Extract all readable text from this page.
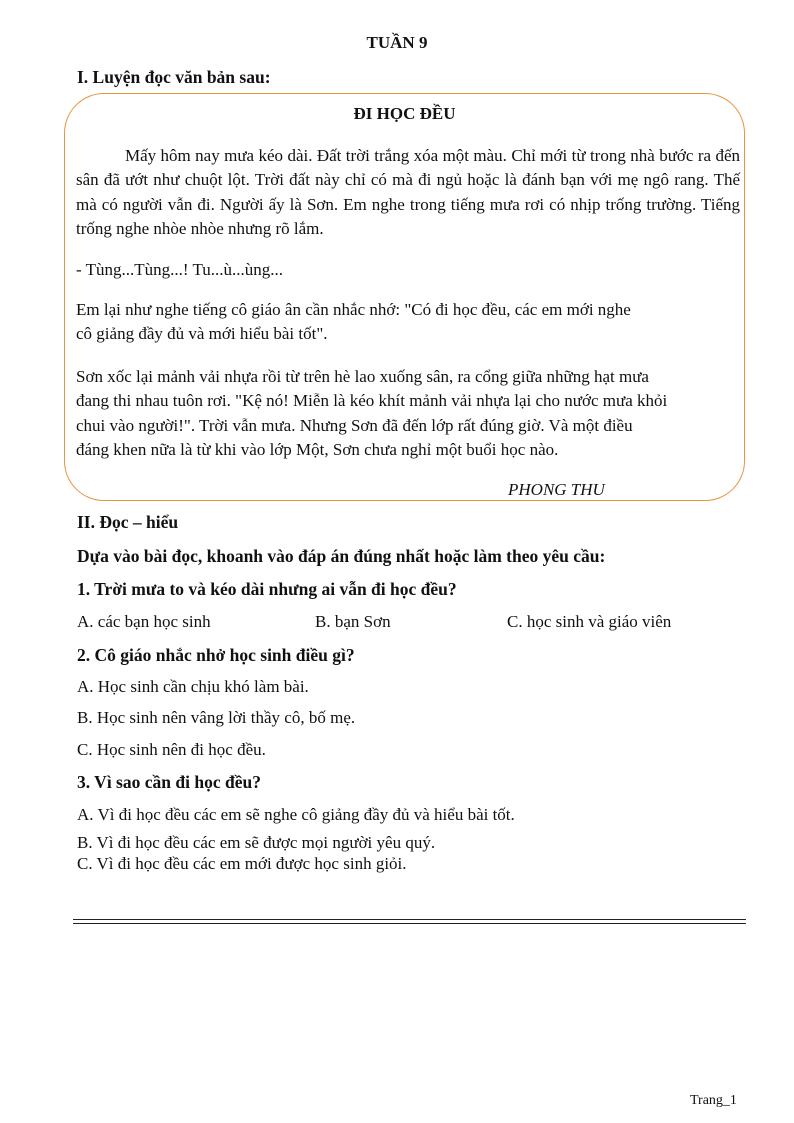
TUẦN 9
I. Luyện đọc văn bản sau:
ĐI HỌC ĐỀU

Mấy hôm nay mưa kéo dài. Đất trời trắng xóa một màu. Chỉ mới từ trong nhà bước ra đến sân đã ướt như chuột lột. Trời đất này chỉ có mà đi ngủ hoặc là đánh bạn với mẹ ngô rang. Thế mà có người vẫn đi. Người ấy là Sơn. Em nghe trong tiếng mưa rơi có nhịp trống trường. Tiếng trống nghe nhòe nhòe nhưng rõ lắm.

- Tùng...Tùng...! Tu...ù...ùng...

Em lại như nghe tiếng cô giáo ân cần nhắc nhớ: "Có đi học đều, các em mới nghe

cô giảng đầy đủ và mới hiểu bài tốt".

Sơn xốc lại mảnh vải nhựa rồi từ trên hè lao xuống sân, ra cổng giữa những hạt mưa

đang thi nhau tuôn rơi. "Kệ nó! Miễn là kéo khít mảnh vải nhựa lại cho nước mưa khỏi

chui vào người!". Trời vẫn mưa. Nhưng Sơn đã đến lớp rất đúng giờ. Và một điều

đáng khen nữa là từ khi vào lớp Một, Sơn chưa nghỉ một buổi học nào.

PHONG THU
II. Đọc – hiểu
Dựa vào bài đọc, khoanh vào đáp án đúng nhất hoặc làm theo yêu cầu:
1. Trời mưa to và kéo dài nhưng ai vẫn đi học đều?
A. các bạn học sinh	B. bạn Sơn	C. học sinh và giáo viên
2. Cô giáo nhắc nhở học sinh điều gì?
A. Học sinh cần chịu khó làm bài.
B. Học sinh nên vâng lời thầy cô, bố mẹ.
C. Học sinh nên đi học đều.
3. Vì sao cần đi học đều?
A. Vì đi học đều các em sẽ nghe cô giảng đầy đủ và hiểu bài tốt.
B. Vì đi học đều các em sẽ được mọi người yêu quý.
C. Vì đi học đều các em mới được học sinh giỏi.
Trang_1
